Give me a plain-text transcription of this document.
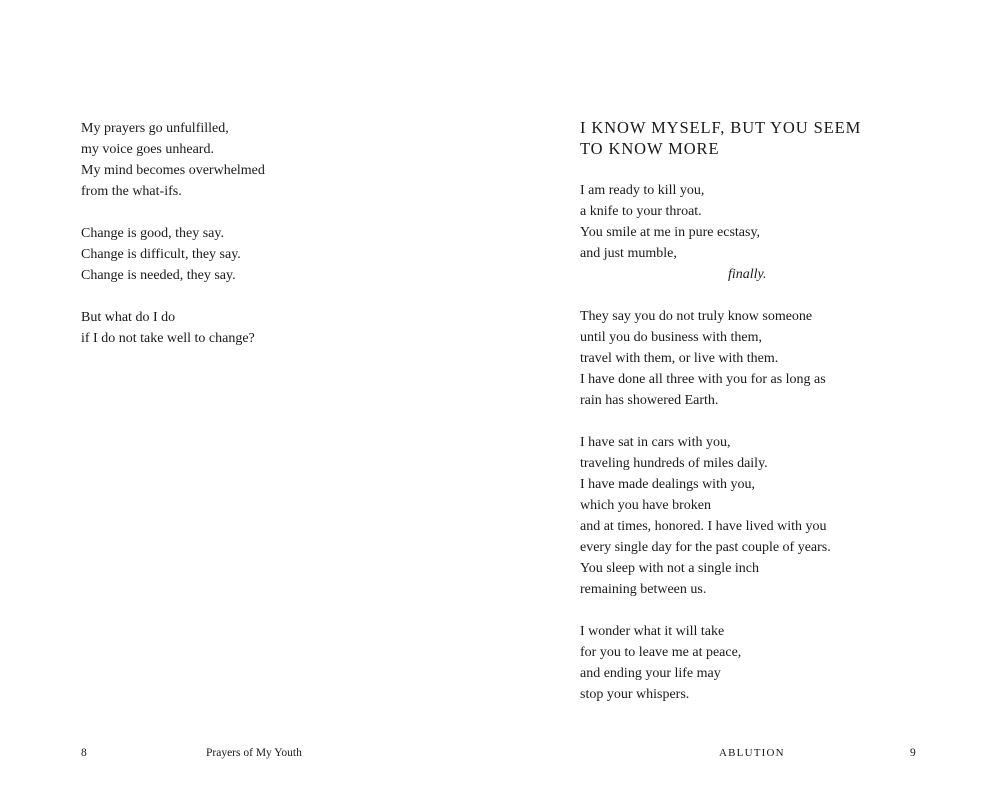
My prayers go unfulfilled,
my voice goes unheard.
My mind becomes overwhelmed
from the what-ifs.
Change is good, they say.
Change is difficult, they say.
Change is needed, they say.
But what do I do
if I do not take well to change?
8	Prayers of My Youth
I KNOW MYSELF, BUT YOU SEEM
TO KNOW MORE
I am ready to kill you,
a knife to your throat.
You smile at me in pure ecstasy,
and just mumble,
finally.
They say you do not truly know someone
until you do business with them,
travel with them, or live with them.
I have done all three with you for as long as
rain has showered Earth.
I have sat in cars with you,
traveling hundreds of miles daily.
I have made dealings with you,
which you have broken
and at times, honored. I have lived with you
every single day for the past couple of years.
You sleep with not a single inch
remaining between us.
I wonder what it will take
for you to leave me at peace,
and ending your life may
stop your whispers.
ABLUTION	9
